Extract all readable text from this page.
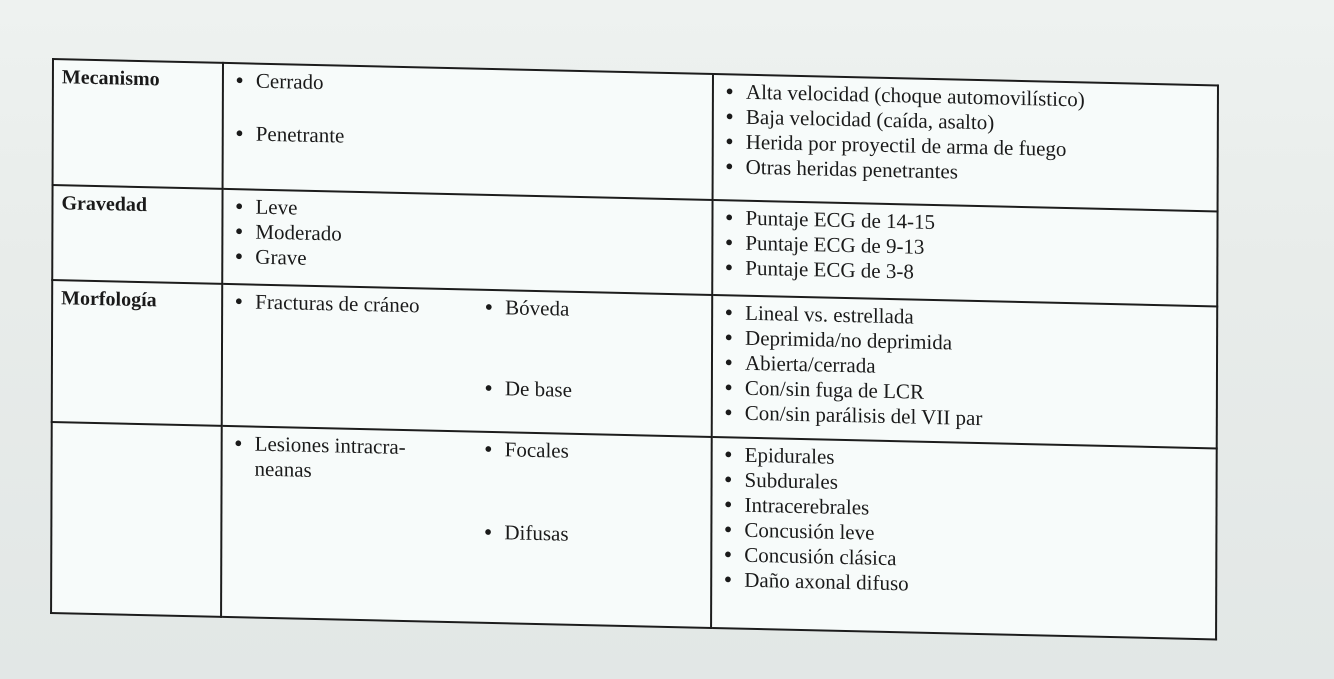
Mecanismo	
•Cerrado
• Penetrante

• Alta velocidad (choque automovilístico)
• Baja velocidad (caída, asalto)
• Herida por proyectil de arma de fuego
• Otras heridas penetrantes

Gravedad	
•Leve
• Moderado
• Grave

• Puntaje ECG de 14-15
• Puntaje ECG de 9-13
• Puntaje ECG de 3-8

Morfología	
•Fracturas de cráneo
•	Bóveda
• De base

• Lineal vs. estrellada
• Deprimida/no deprimida
• Abierta/cerrada
• Con/sin fuga de LCR
• Con/sin parálisis del VII par

• Lesiones intracra- neanas
• Focales
• Difusas

• Epidurales
• Subdurales
• Intracerebrales
• Concusión leve
• Concusión clásica
• Daño axonal difuso
